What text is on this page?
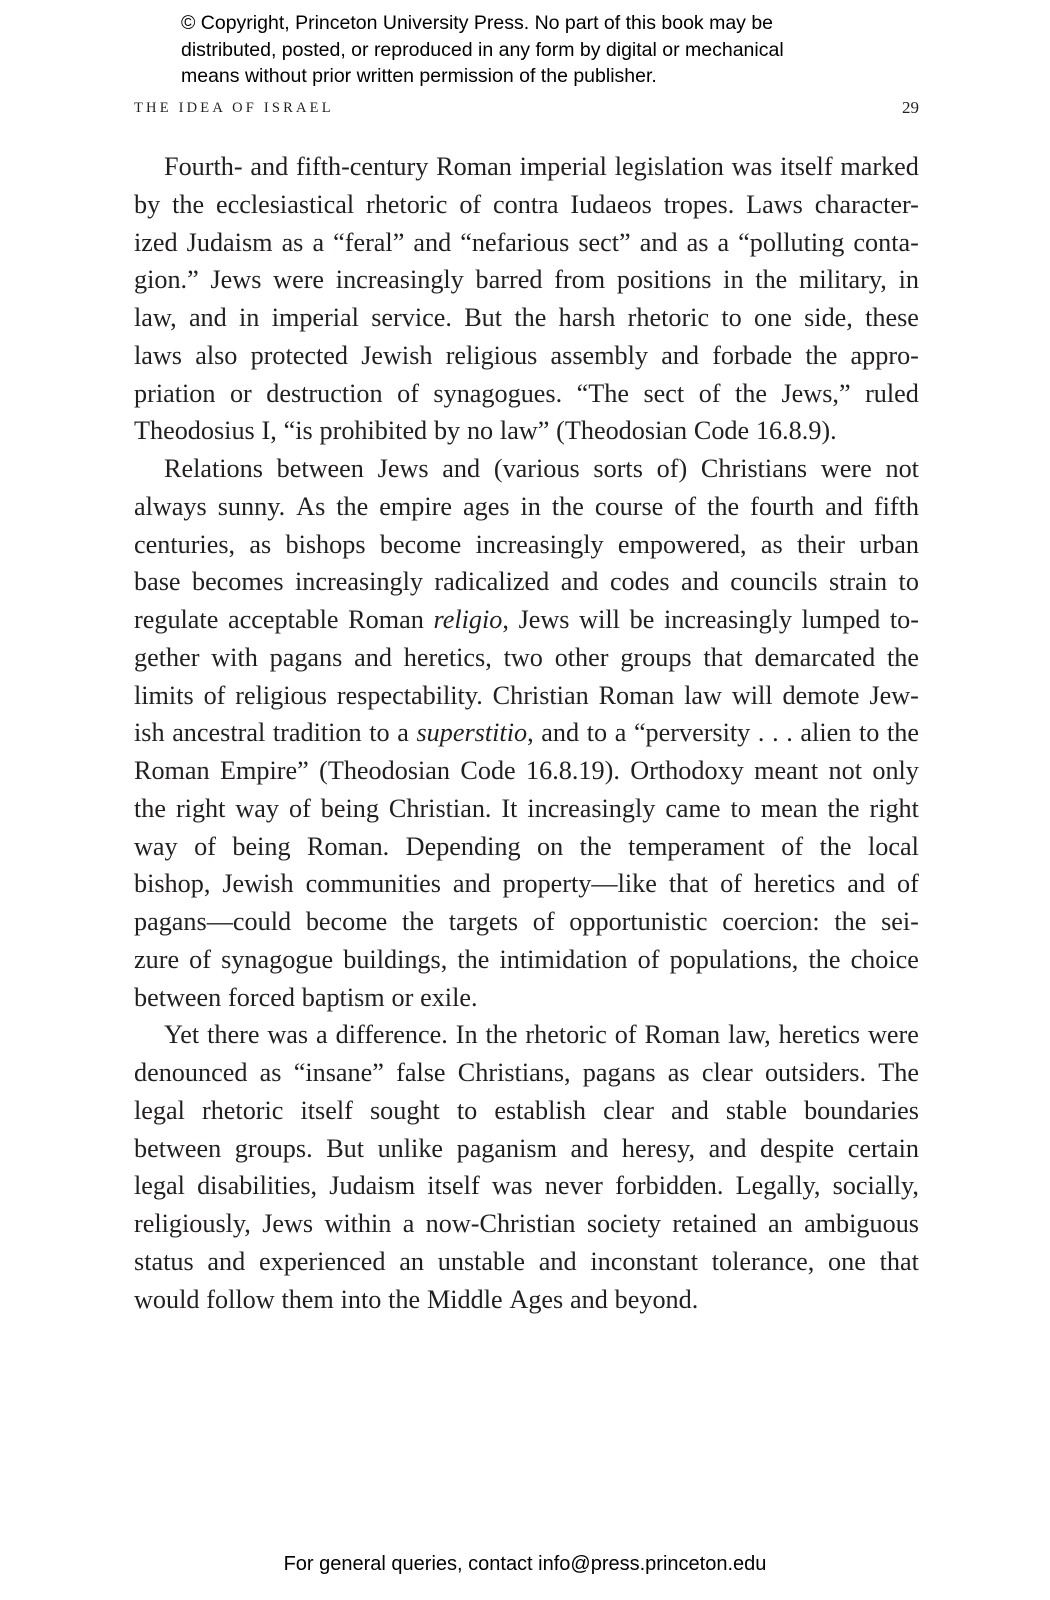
© Copyright, Princeton University Press. No part of this book may be
distributed, posted, or reproduced in any form by digital or mechanical
means without prior written permission of the publisher.
THE IDEA OF ISRAEL	29
Fourth- and fifth-century Roman imperial legislation was itself marked
by the ecclesiastical rhetoric of contra Iudaeos tropes. Laws character-
ized Judaism as a “feral” and “nefarious sect” and as a “polluting conta-
gion.” Jews were increasingly barred from positions in the military, in
law, and in imperial service. But the harsh rhetoric to one side, these
laws also protected Jewish religious assembly and forbade the appro-
priation or destruction of synagogues. “The sect of the Jews,” ruled
Theodosius I, “is prohibited by no law” (Theodosian Code 16.8.9).
Relations between Jews and (various sorts of) Christians were not
always sunny. As the empire ages in the course of the fourth and fifth
centuries, as bishops become increasingly empowered, as their urban
base becomes increasingly radicalized and codes and councils strain to
regulate acceptable Roman religio, Jews will be increasingly lumped to-
gether with pagans and heretics, two other groups that demarcated the
limits of religious respectability. Christian Roman law will demote Jew-
ish ancestral tradition to a superstitio, and to a “perversity . . . alien to the
Roman Empire” (Theodosian Code 16.8.19). Orthodoxy meant not only
the right way of being Christian. It increasingly came to mean the right
way of being Roman. Depending on the temperament of the local
bishop, Jewish communities and property—like that of heretics and of
pagans—could become the targets of opportunistic coercion: the sei-
zure of synagogue buildings, the intimidation of populations, the choice
between forced baptism or exile.
Yet there was a difference. In the rhetoric of Roman law, heretics were
denounced as “insane” false Christians, pagans as clear outsiders. The
legal rhetoric itself sought to establish clear and stable boundaries
between groups. But unlike paganism and heresy, and despite certain
legal disabilities, Judaism itself was never forbidden. Legally, socially,
religiously, Jews within a now-Christian society retained an ambiguous
status and experienced an unstable and inconstant tolerance, one that
would follow them into the Middle Ages and beyond.
For general queries, contact info@press.princeton.edu
